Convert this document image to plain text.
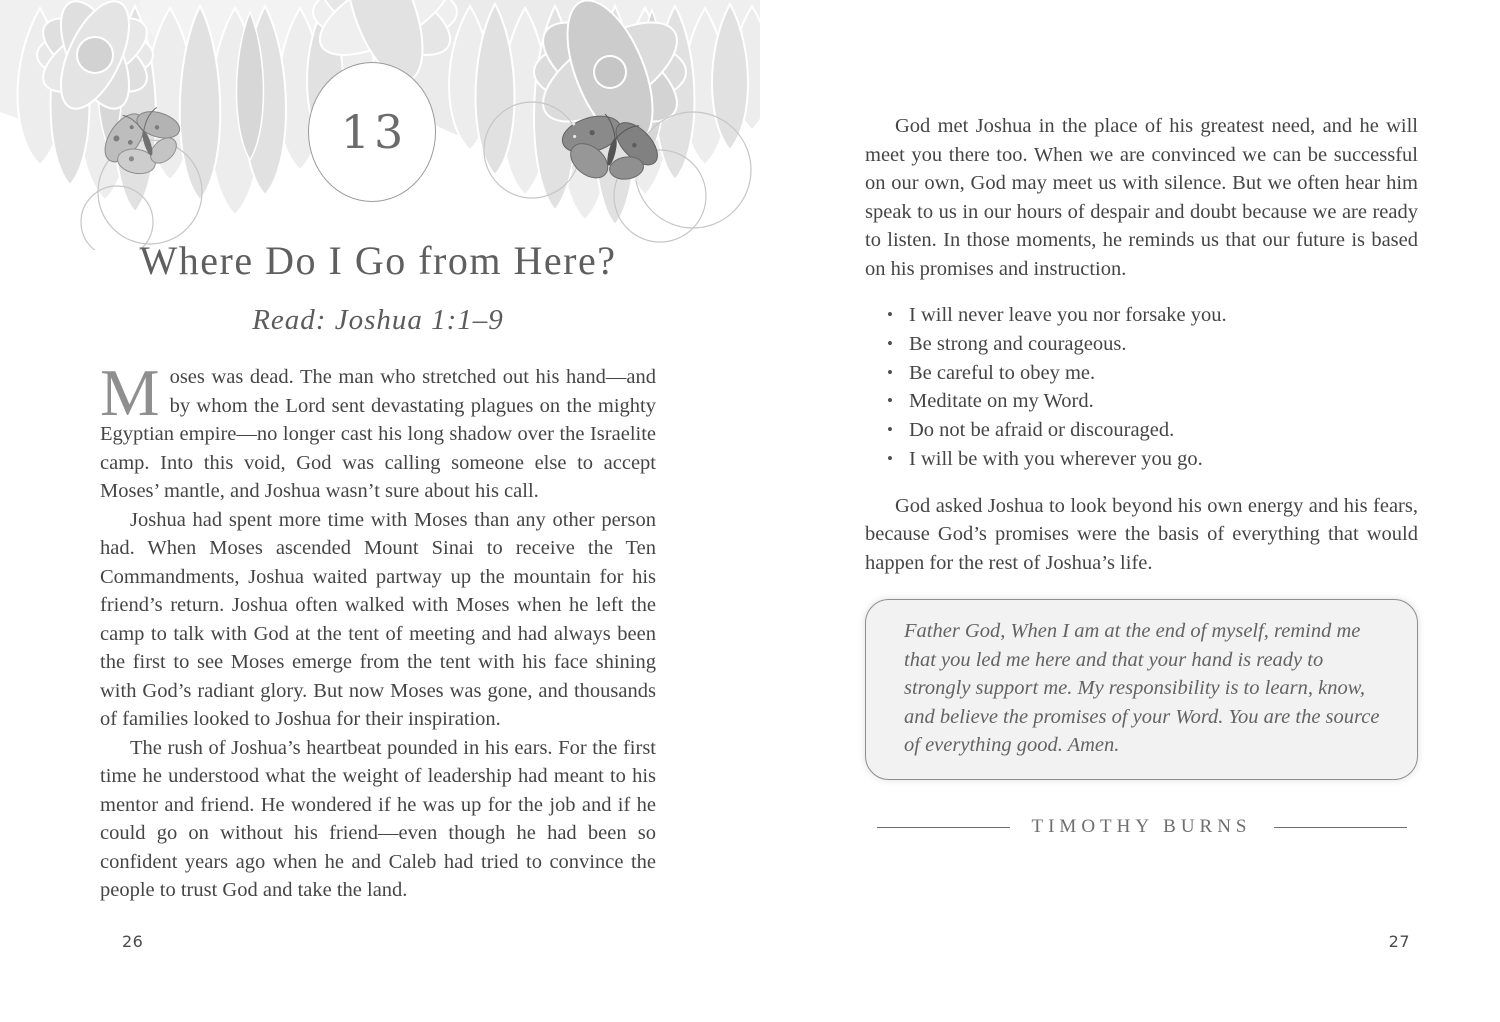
13
Where Do I Go from Here?

Read: Joshua 1:1–9

Moses was dead. The man who stretched out his hand—and by whom the Lord sent devastating plagues on the mighty Egyptian empire—no longer cast his long shadow over the Israelite camp. Into this void, God was calling someone else to accept Moses’ mantle, and Joshua wasn’t sure about his call.

Joshua had spent more time with Moses than any other person had. When Moses ascended Mount Sinai to receive the Ten Commandments, Joshua waited partway up the mountain for his friend’s return. Joshua often walked with Moses when he left the camp to talk with God at the tent of meeting and had always been the first to see Moses emerge from the tent with his face shining with God’s radiant glory. But now Moses was gone, and thousands of families looked to Joshua for their inspiration.

The rush of Joshua’s heartbeat pounded in his ears. For the first time he understood what the weight of leadership had meant to his mentor and friend. He wondered if he was up for the job and if he could go on without his friend—even though he had been so confident years ago when he and Caleb had tried to convince the people to trust God and take the land.

26

God met Joshua in the place of his greatest need, and he will meet you there too. When we are convinced we can be successful on our own, God may meet us with silence. But we often hear him speak to us in our hours of despair and doubt because we are ready to listen. In those moments, he reminds us that our future is based on his promises and instruction.

• I will never leave you nor forsake you.
• Be strong and courageous.
• Be careful to obey me.
• Meditate on my Word.
• Do not be afraid or discouraged.
• I will be with you wherever you go.

God asked Joshua to look beyond his own energy and his fears, because God’s promises were the basis of everything that would happen for the rest of Joshua’s life.

Father God, When I am at the end of myself, remind me that you led me here and that your hand is ready to strongly support me. My responsibility is to learn, know, and believe the promises of your Word. You are the source of everything good. Amen.

TIMOTHY BURNS
27
